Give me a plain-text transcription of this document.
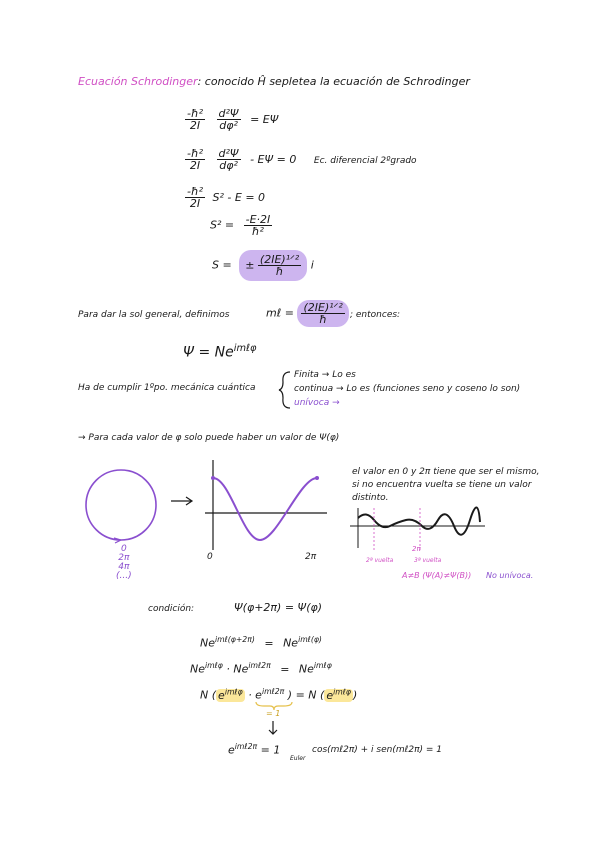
Ecuación Schrodinger: conocido Ĥ sepletea la ecuación de Schrodinger
$\frac{\text{-ħ²}}{2I}$
$\frac{\text{d²Ψ}}{\text{dφ²}} = E\Psi$
$\frac{\text{-ħ²}}{2I}$
$\frac{\text{d²Ψ}}{\text{dφ²}} - E\Psi = 0$ Ec. diferencial 2ºgrado
$\frac{\text{-ħ²}}{2I} S^2 - E = 0$
$S^2 = \frac{-E\cdot 2I}{\text{ħ²}}$
S = ± $\frac{\text{(2IE)¹ᐟ²}}{ħ}$ i
Para dar la sol general, definimos	mℓ = $\frac{\text{(2IE)¹ᐟ²}}{ħ}$ ; entonces:
$\Psi = Ne^{im\ell\varphi}$
Ha de cumplir 1ºpo. mecánica cuántica
Finita → Lo es
continua → Lo es (funciones seno y coseno lo son)
unívoca →
→ Para cada valor de φ solo puede haber un valor de Ψ(φ)
0
2π
4π
(...)
0	2π
el valor en 0 y 2π tiene que ser el mismo,
si no encuentra vuelta se tiene un valor
distinto.
2ª vuelta
2π
3ª vuelta
A≠B (Ψ(A)≠Ψ(B)) No unívoca.
condición:	Ψ(φ+2π) = Ψ(φ)
$Ne^{im\ell(\varphi+2\pi)} = Ne^{im\ell(\varphi)}$
$Ne^{im\ell\varphi} \cdot Ne^{im\ell 2\pi} = Ne^{im\ell\varphi}$
N ( $e^{im\ell\varphi} \cdot e^{im\ell 2\pi}$ ) = N ( $e^{im\ell\varphi}$ )
= 1
$e^{im\ell 2\pi} = 1$
Euler
cos(mℓ2π) + i sen(mℓ2π) = 1
